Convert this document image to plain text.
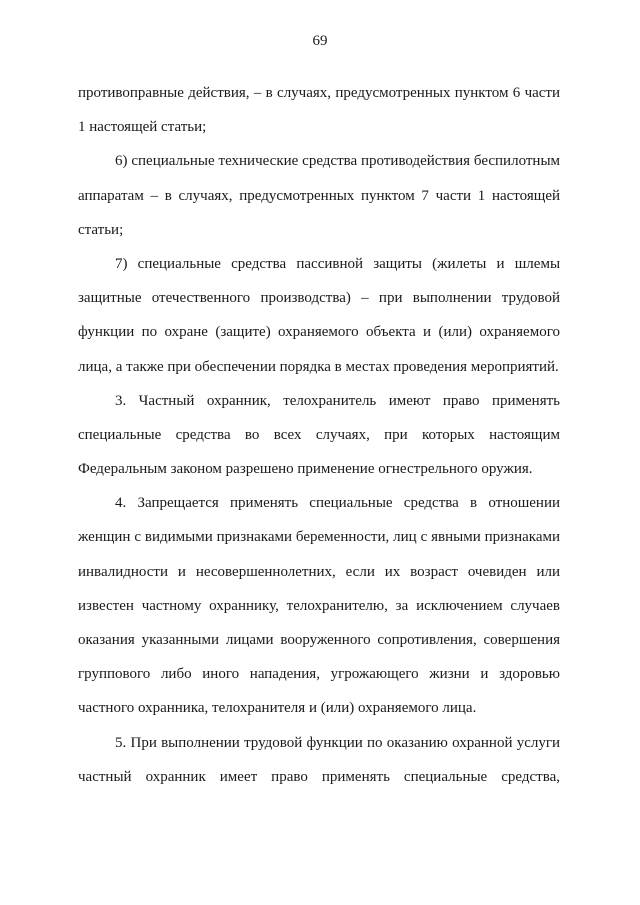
69
противоправные действия, – в случаях, предусмотренных пунктом 6 части
1 настоящей статьи;
6) специальные технические средства противодействия беспилотным
аппаратам – в случаях, предусмотренных пунктом 7 части 1 настоящей
статьи;
7) специальные средства пассивной защиты (жилеты и шлемы
защитные отечественного производства) – при выполнении трудовой
функции по охране (защите) охраняемого объекта и (или) охраняемого
лица, а также при обеспечении порядка в местах проведения мероприятий.
3. Частный охранник, телохранитель имеют право применять
специальные средства во всех случаях, при которых настоящим
Федеральным законом разрешено применение огнестрельного оружия.
4. Запрещается применять специальные средства в отношении
женщин с видимыми признаками беременности, лиц с явными признаками
инвалидности и несовершеннолетних, если их возраст очевиден или
известен частному охраннику, телохранителю, за исключением случаев
оказания указанными лицами вооруженного сопротивления, совершения
группового либо иного нападения, угрожающего жизни и здоровью
частного охранника, телохранителя и (или) охраняемого лица.
5. При выполнении трудовой функции по оказанию охранной услуги
частный охранник имеет право применять специальные средства,
